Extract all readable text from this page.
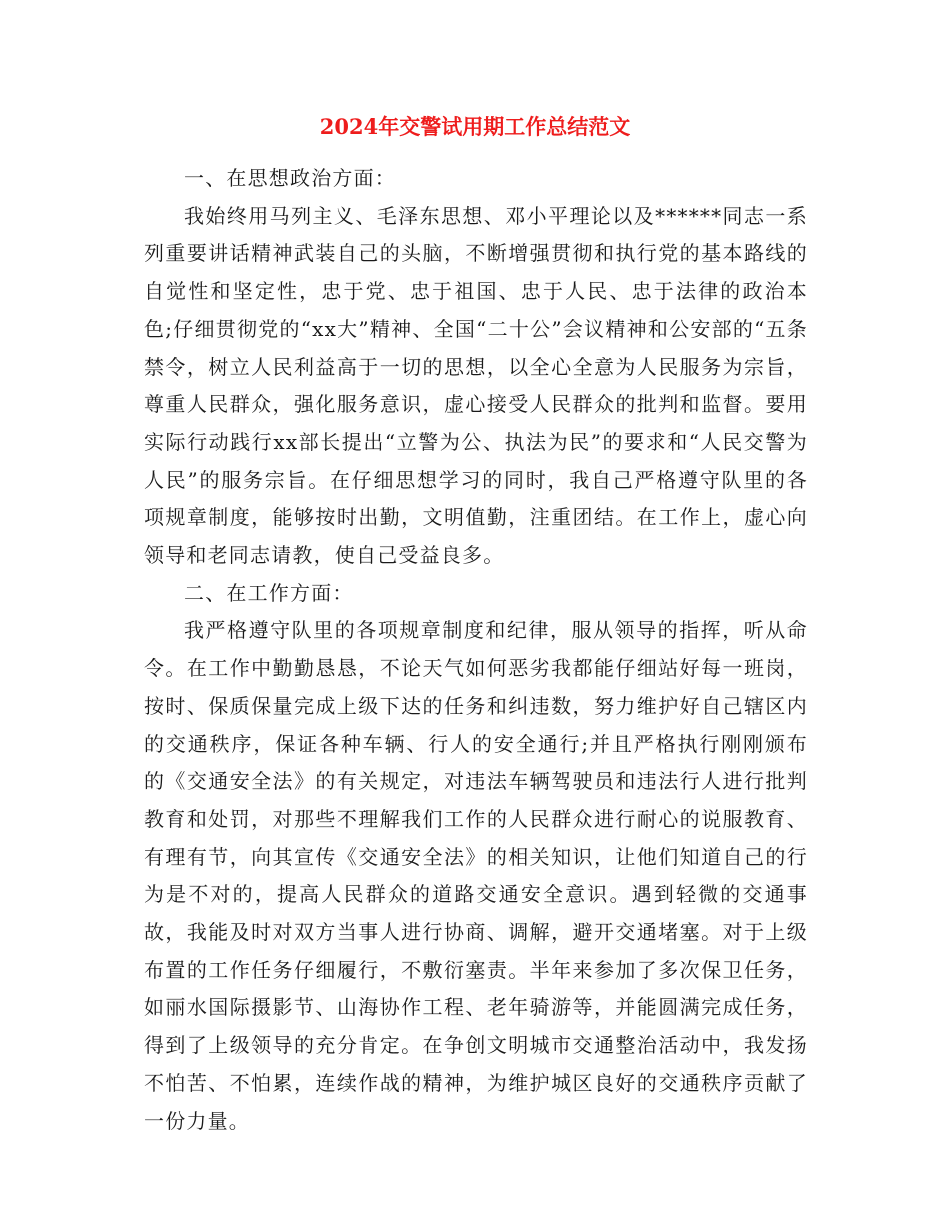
2024年交警试用期工作总结范文

一、在思想政治方面：

我始终用马列主义、毛泽东思想、邓小平理论以及******同志一系列重要讲话精神武装自己的头脑，不断增强贯彻和执行党的基本路线的自觉性和坚定性，忠于党、忠于祖国、忠于人民、忠于法律的政治本色;仔细贯彻党的“xx大”精神、全国“二十公”会议精神和公安部的“五条禁令，树立人民利益高于一切的思想，以全心全意为人民服务为宗旨，尊重人民群众，强化服务意识，虚心接受人民群众的批判和监督。要用实际行动践行xx部长提出“立警为公、执法为民”的要求和“人民交警为人民”的服务宗旨。在仔细思想学习的同时，我自己严格遵守队里的各项规章制度，能够按时出勤，文明值勤，注重团结。在工作上，虚心向领导和老同志请教，使自己受益良多。

二、在工作方面：

我严格遵守队里的各项规章制度和纪律，服从领导的指挥，听从命令。在工作中勤勤恳恳，不论天气如何恶劣我都能仔细站好每一班岗，按时、保质保量完成上级下达的任务和纠违数，努力维护好自己辖区内的交通秩序，保证各种车辆、行人的安全通行;并且严格执行刚刚颁布的《交通安全法》的有关规定，对违法车辆驾驶员和违法行人进行批判教育和处罚，对那些不理解我们工作的人民群众进行耐心的说服教育、有理有节，向其宣传《交通安全法》的相关知识，让他们知道自己的行为是不对的，提高人民群众的道路交通安全意识。遇到轻微的交通事故，我能及时对双方当事人进行协商、调解，避开交通堵塞。对于上级布置的工作任务仔细履行，不敷衍塞责。半年来参加了多次保卫任务，如丽水国际摄影节、山海协作工程、老年骑游等，并能圆满完成任务，得到了上级领导的充分肯定。在争创文明城市交通整治活动中，我发扬不怕苦、不怕累，连续作战的精神，为维护城区良好的交通秩序贡献了一份力量。
